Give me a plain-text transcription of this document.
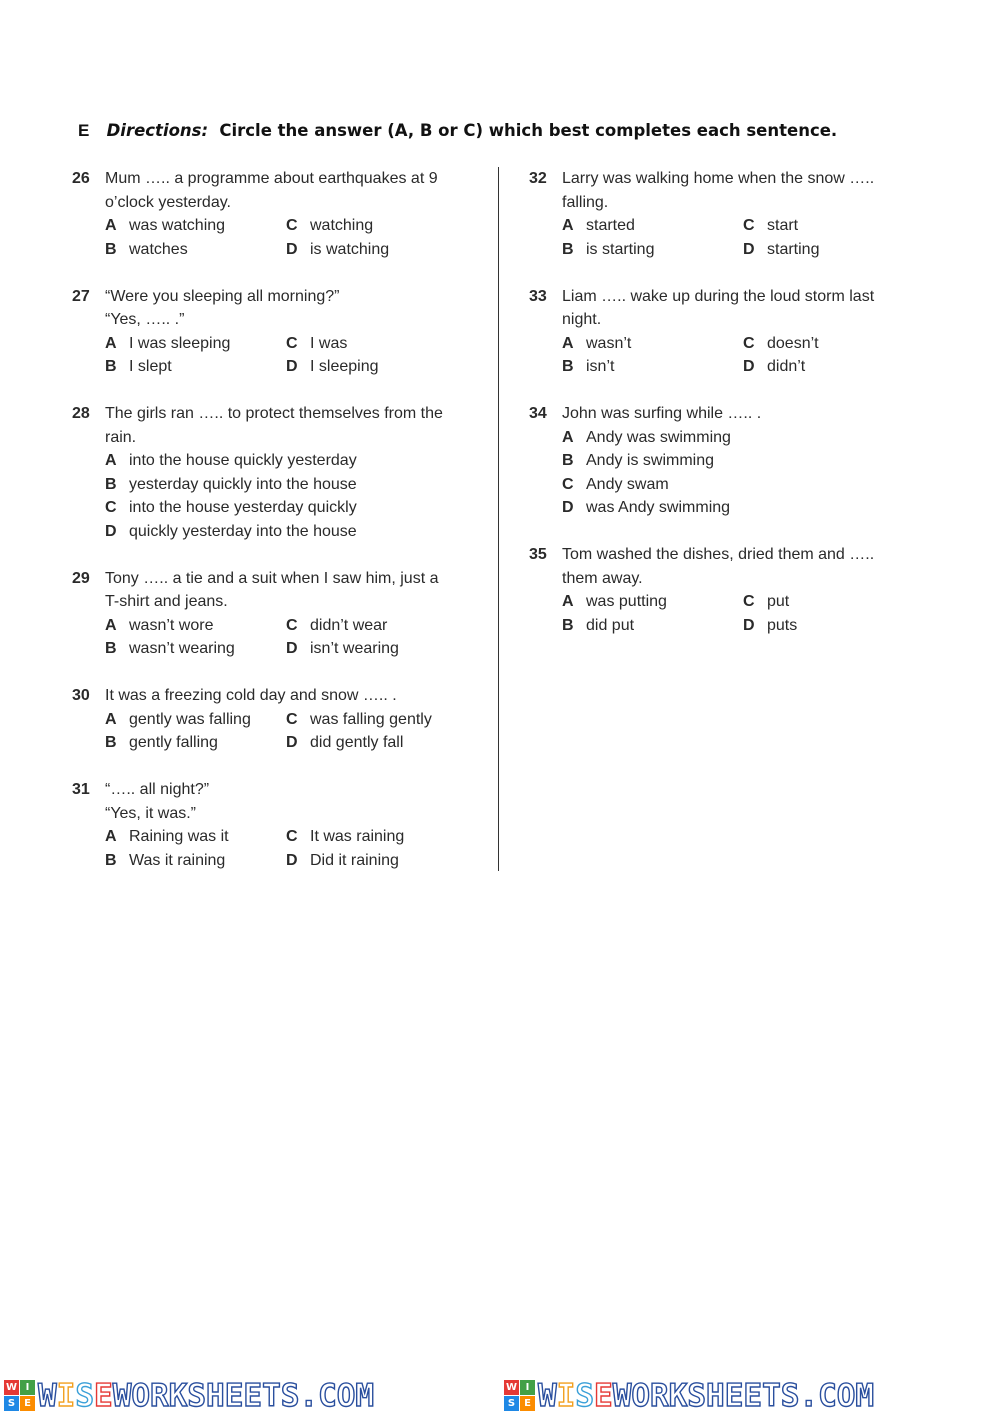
E Directions: Circle the answer (A, B or C) which best completes each sentence.
26 Mum ….. a programme about earthquakes at 9
o’clock yesterday.
A was watching	C watching
B watches	D is watching
27 “Were you sleeping all morning?”
“Yes, ….. .”
A I was sleeping	C I was
B I slept	D I sleeping
28 The girls ran ….. to protect themselves from the
rain.
A into the house quickly yesterday
B yesterday quickly into the house
C into the house yesterday quickly
D quickly yesterday into the house
29 Tony ….. a tie and a suit when I saw him, just a
T-shirt and jeans.
A wasn’t wore	C didn’t wear
B wasn’t wearing	D isn’t wearing
30 It was a freezing cold day and snow ….. .
A gently was falling C was falling gently
B gently falling	D did gently fall
31 “….. all night?”
“Yes, it was.”
A Raining was it	C It was raining
B Was it raining	D Did it raining
32 Larry was walking home when the snow …..
falling.
A started	C start
B is starting	D starting
33 Liam ….. wake up during the loud storm last
night.
A wasn’t	C doesn’t
B isn’t	D didn’t
34 John was surfing while ….. .
A Andy was swimming
B Andy is swimming
C Andy swam
D was Andy swimming
35 Tom washed the dishes, dried them and …..
them away.
A was putting	C put
B did put	D puts
W I
S E W I S E W O R K S H E E T S . C O M	W I
S E W I S E W O R K S H E E T S . C O M
